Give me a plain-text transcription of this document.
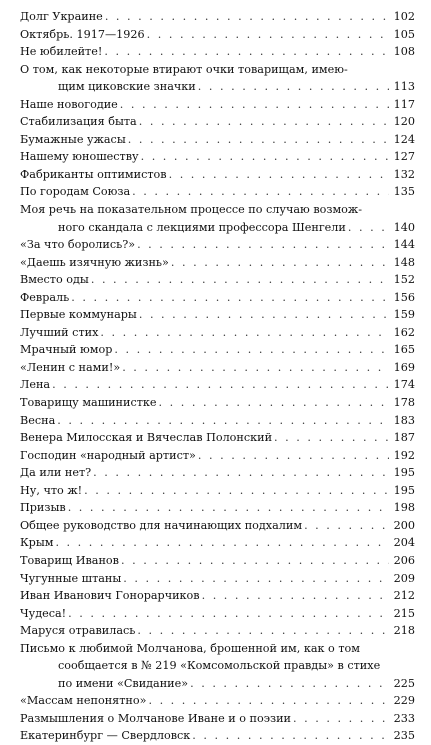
Долг Украине . . .	102
Октябрь. 1917—1926 . . .	105
Не юбилейте! . . .	108
О том, как некоторые втирают очки товарищам, имею-
щим циковские значки . . .	113
Наше новогодие . . .	117
Стабилизация быта . . .	120
Бумажные ужасы . . .	124
Нашему юношеству . . .	127
Фабриканты оптимистов . . .	132
По городам Союза . . .	135
Моя речь на показательном процессе по случаю возмож-
ного скандала с лекциями профессора Шенгели . . .	140
«За что боролись?» . . .	144
«Даешь изячную жизнь» . . .	148
Вместо оды . . .	152
Февраль . . .	156
Первые коммунары . . .	159
Лучший стих . . .	162
Мрачный юмор . . .	165
«Ленин с нами!» . . .	169
Лена . . .	174
Товарищу машинистке . . .	178
Весна . . .	183
Венера Милосская и Вячеслав Полонский . . .	187
Господин «народный артист» . . .	192
Да или нет? . . .	195
Ну, что ж! . . .	195
Призыв . . .	198
Общее руководство для начинающих подхалим . . .	200
Крым . . .	204
Товарищ Иванов . . .	206
Чугунные штаны . . .	209
Иван Иванович Гонорарчиков . . .	212
Чудеса! . . .	215
Маруся отравилась . . .	218
Письмо к любимой Молчанова, брошенной им, как о том
сообщается в № 219 «Комсомольской правды» в стихе
по имени «Свидание» . . .	225
«Массам непонятно» . . .	229
Размышления о Молчанове Иване и о поэзии . . .	233
Екатеринбург — Свердловск . . .	235
